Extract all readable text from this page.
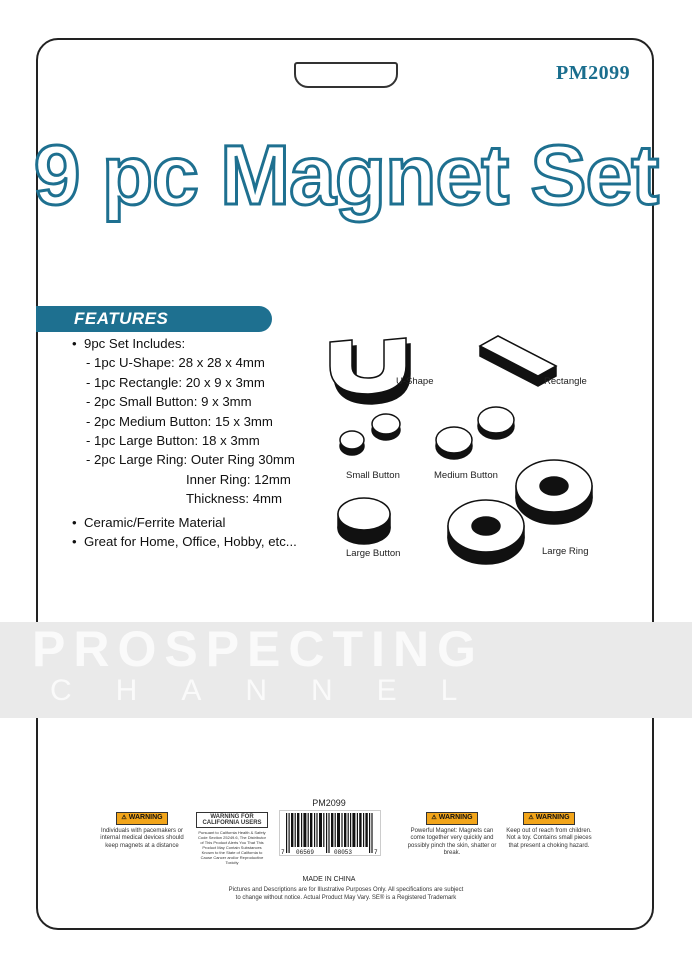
PM2099
9 pc Magnet Set
FEATURES
• 9pc Set Includes:
- 1pc U-Shape: 28 x 28 x 4mm
- 1pc Rectangle: 20 x 9 x 3mm
- 2pc Small Button: 9 x 3mm
- 2pc Medium Button: 15 x 3mm
- 1pc Large Button: 18 x 3mm
- 2pc Large Ring: Outer Ring 30mm
Inner Ring: 12mm
Thickness: 4mm
• Ceramic/Ferrite Material
• Great for Home, Office, Hobby, etc...
U-Shape	Rectangle
Small Button	Medium Button
Large Button	Large Ring
PROSPECTING
CHANNEL
⚠ WARNING
Individuals with pacemakers or internal medical devices should keep magnets at a distance
WARNING FOR CALIFORNIA USERS
Pursuant to California Health & Safety Code Section 25249.6, The Distributor of This Product Alerts You That This Product May Contain Substances Known to the State of California to Cause Cancer and/or Reproductive Toxicity
PM2099
7 06569	08053	7
MADE IN CHINA
⚠ WARNING
Powerful Magnet: Magnets can come together very quickly and possibly pinch the skin, shatter or break.
⚠ WARNING
Keep out of reach from children. Not a toy. Contains small pieces that present a choking hazard.
Pictures and Descriptions are for Illustrative Purposes Only. All specifications are subject
to change without notice. Actual Product May Vary. SE® is a Registered Trademark
